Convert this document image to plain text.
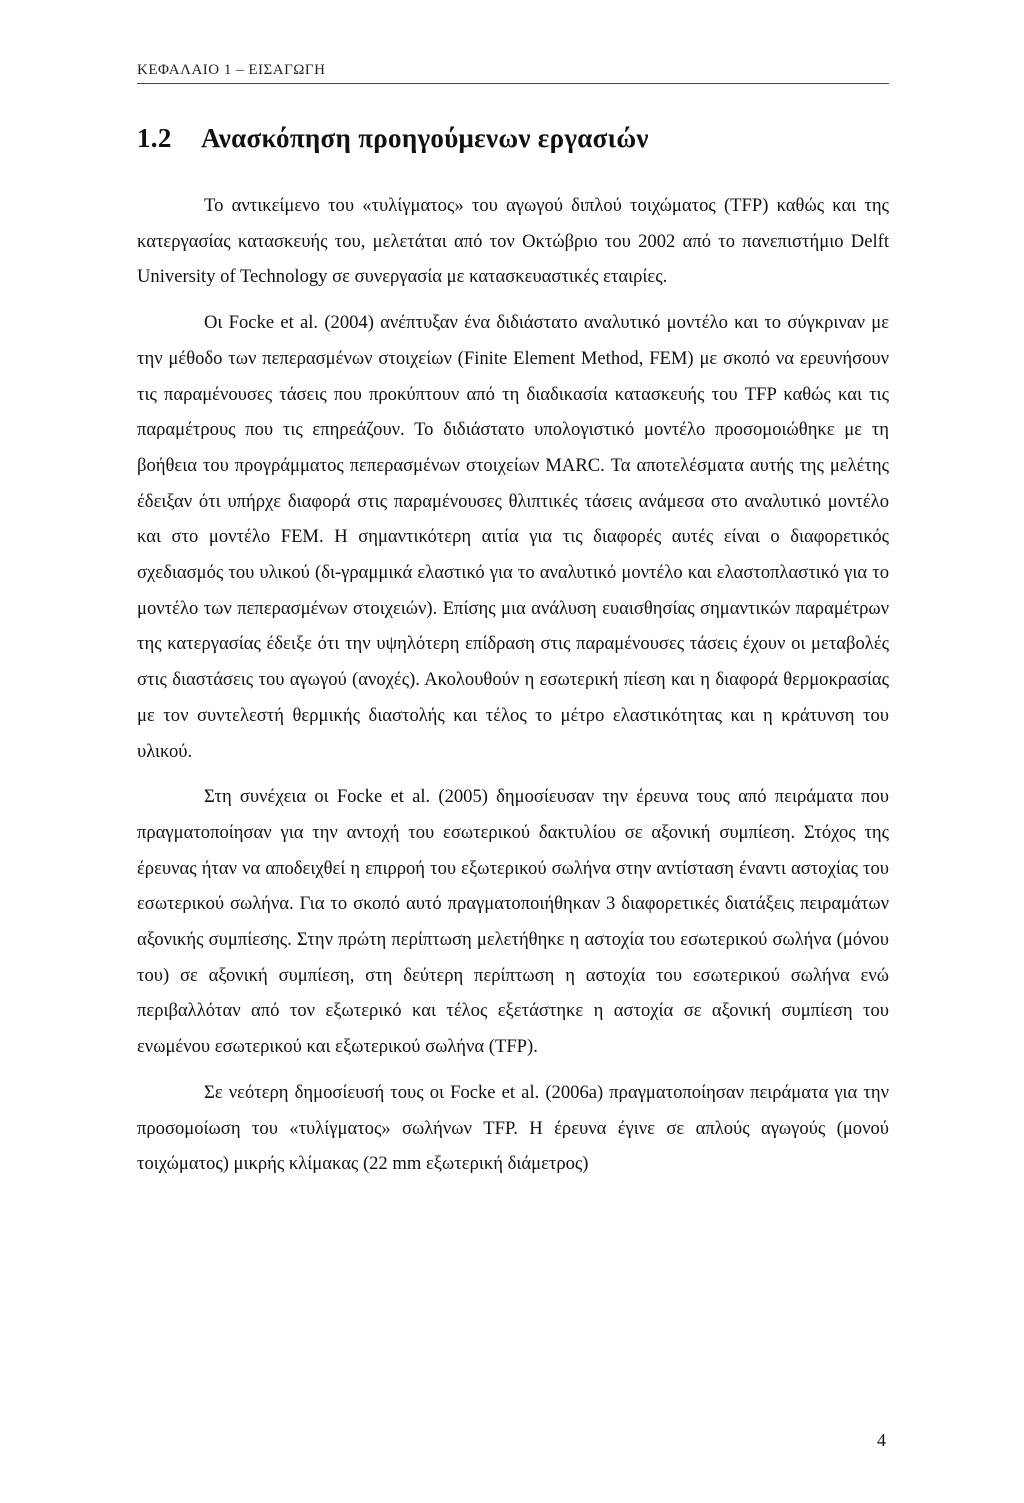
ΚΕΦΑΛΑΙΟ 1 – ΕΙΣΑΓΩΓΗ
1.2 Ανασκόπηση προηγούμενων εργασιών

Το αντικείμενο του «τυλίγματος» του αγωγού διπλού τοιχώματος (TFP) καθώς και της κατεργασίας κατασκευής του, μελετάται από τον Οκτώβριο του 2002 από το πανεπιστήμιο Delft University of Technology σε συνεργασία με κατασκευαστικές εταιρίες.

Οι Focke et al. (2004) ανέπτυξαν ένα διδιάστατο αναλυτικό μοντέλο και το σύγκριναν με την μέθοδο των πεπερασμένων στοιχείων (Finite Element Method, FEM) με σκοπό να ερευνήσουν τις παραμένουσες τάσεις που προκύπτουν από τη διαδικασία κατασκευής του TFP καθώς και τις παραμέτρους που τις επηρεάζουν. Το διδιάστατο υπολογιστικό μοντέλο προσομοιώθηκε με τη βοήθεια του προγράμματος πεπερασμένων στοιχείων MARC. Τα αποτελέσματα αυτής της μελέτης έδειξαν ότι υπήρχε διαφορά στις παραμένουσες θλιπτικές τάσεις ανάμεσα στο αναλυτικό μοντέλο και στο μοντέλο FEM. Η σημαντικότερη αιτία για τις διαφορές αυτές είναι ο διαφορετικός σχεδιασμός του υλικού (δι-γραμμικά ελαστικό για το αναλυτικό μοντέλο και ελαστοπλαστικό για το μοντέλο των πεπερασμένων στοιχειών). Επίσης μια ανάλυση ευαισθησίας σημαντικών παραμέτρων της κατεργασίας έδειξε ότι την υψηλότερη επίδραση στις παραμένουσες τάσεις έχουν οι μεταβολές στις διαστάσεις του αγωγού (ανοχές). Ακολουθούν η εσωτερική πίεση και η διαφορά θερμοκρασίας με τον συντελεστή θερμικής διαστολής και τέλος το μέτρο ελαστικότητας και η κράτυνση του υλικού.

Στη συνέχεια οι Focke et al. (2005) δημοσίευσαν την έρευνα τους από πειράματα που πραγματοποίησαν για την αντοχή του εσωτερικού δακτυλίου σε αξονική συμπίεση. Στόχος της έρευνας ήταν να αποδειχθεί η επιρροή του εξωτερικού σωλήνα στην αντίσταση έναντι αστοχίας του εσωτερικού σωλήνα. Για το σκοπό αυτό πραγματοποιήθηκαν 3 διαφορετικές διατάξεις πειραμάτων αξονικής συμπίεσης. Στην πρώτη περίπτωση μελετήθηκε η αστοχία του εσωτερικού σωλήνα (μόνου του) σε αξονική συμπίεση, στη δεύτερη περίπτωση η αστοχία του εσωτερικού σωλήνα ενώ περιβαλλόταν από τον εξωτερικό και τέλος εξετάστηκε η αστοχία σε αξονική συμπίεση του ενωμένου εσωτερικού και εξωτερικού σωλήνα (TFP).

Σε νεότερη δημοσίευσή τους οι Focke et al. (2006a) πραγματοποίησαν πειράματα για την προσομοίωση του «τυλίγματος» σωλήνων TFP. Η έρευνα έγινε σε απλούς αγωγούς (μονού τοιχώματος) μικρής κλίμακας (22 mm εξωτερική διάμετρος)

4
